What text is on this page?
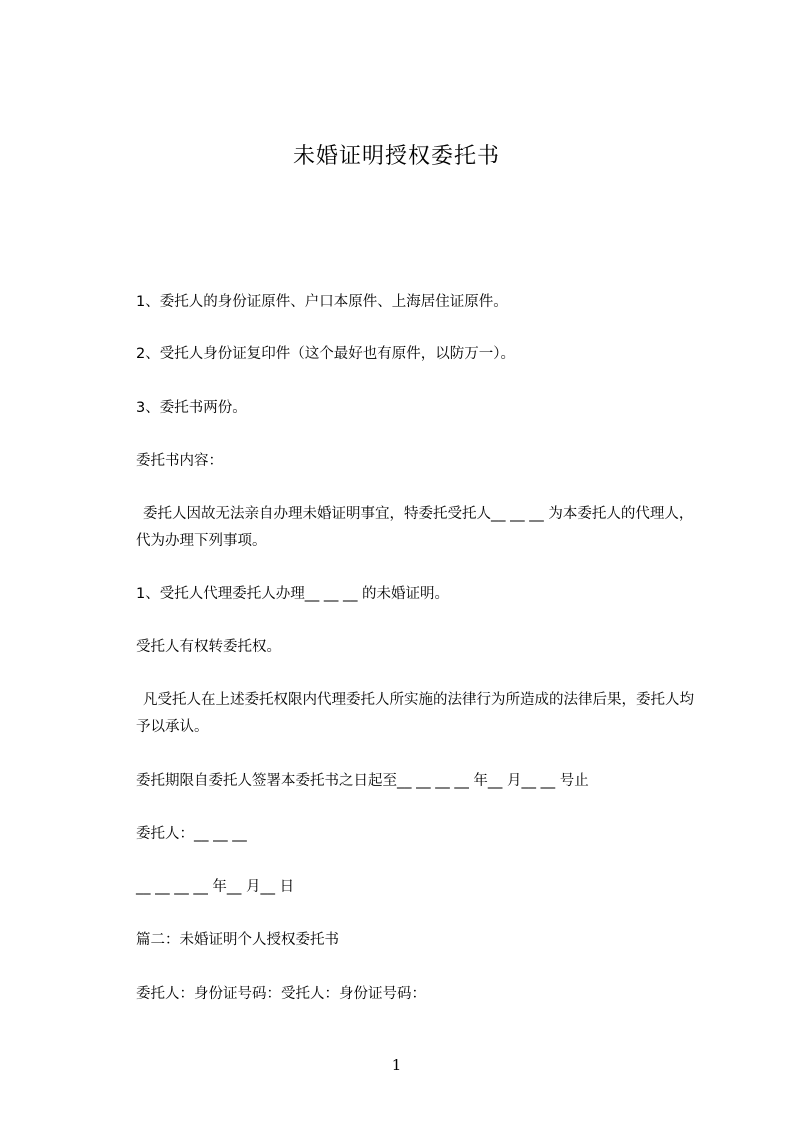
未婚证明授权委托书
1、委托人的身份证原件、户口本原件、上海居住证原件。
2、受托人身份证复印件（这个最好也有原件，以防万一）。
3、委托书两份。
委托书内容：
委托人因故无法亲自办理未婚证明事宜，特委托受托人__ __ __ 为本委托人的代理人，代为办理下列事项。
1、受托人代理委托人办理__ __ __ 的未婚证明。
受托人有权转委托权。
凡受托人在上述委托权限内代理委托人所实施的法律行为所造成的法律后果，委托人均予以承认。
委托期限自委托人签署本委托书之日起至__ __ __ __ 年__ 月__ __ 号止
委托人：__ __ __
__ __ __ __ 年__ 月__ 日
篇二：未婚证明个人授权委托书
委托人：身份证号码：受托人：身份证号码：
1
